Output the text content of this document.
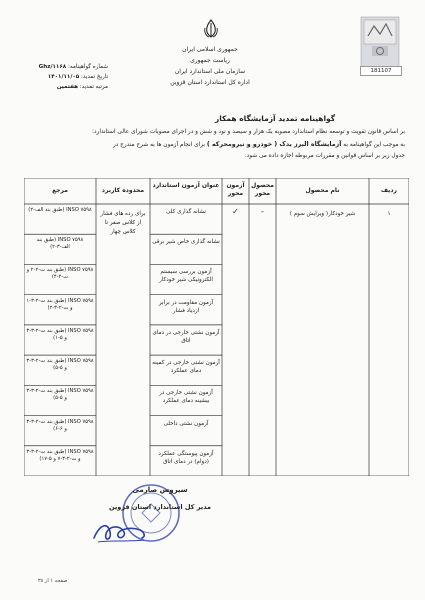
جمهوری اسلامی ایران
ریاست جمهوری
سازمان ملی استاندارد ایران
اداره کل استاندارد استان قزوین
181107
شماره گواهینامه: Ghz/۱۱۶۸
تاریخ تمدید: ۱۴۰۱/۱۱/۰۵
مرتبه تمدید: هفتمین
گواهینامه تمدید آزمایشگاه همکار
بر اساس قانون تقویت و توسعه نظام استاندارد مصوبه یک هزار و سیصد و نود و شش و در اجرای مصوبات شورای عالی استاندارد:
به موجب این گواهینامه به آزمایشگاه البرز یدک ( خودرو و نیرومحرکه ) برای انجام آزمون ها به شرح مندرج در
جدول زیر بر اساس قوانین و مقررات مربوطه اجازه داده می شود.
ردیف
نام محصول
محصول محور
آزمون محور
عنوان آزمون استاندارد
محدوده کاربرد
مرجع
۱
شیر خودکار( ویرایش سوم )
-
✓
برای رده های فشار از کلاس صفر تا کلاس چهار
نشانه گذاری کلی
INSO ۷۵۹۸ (طبق بند الف-۲)
نشانه گذاری خاص شیر برقی
INSO ۷۵۹۸ (طبق بند الف-۳-۲)
آزمون بررسی سیستم الکترونیکی شیر خودکار
INSO ۷۵۹۸ (طبق بند ت-۲-۲ و ت-۲-۴)
آزمون مقاومت در برابر ازدیاد فشار
INSO ۷۵۹۸ (طبق بند ت-۲-۳-۱ و ت-۲-۳-۲)
آزمون نشتی خارجی در دمای اتاق
INSO ۷۵۹۸ (طبق بند ت-۲-۳-۳ و ۵-۱)
آزمون نشتی خارجی در کمینه دمای عملکرد
INSO ۷۵۹۸ (طبق بند ت-۲-۳-۳ و ۵-۵)
آزمون نشتی خارجی در بیشینه دمای عملکرد
INSO ۷۵۹۸ (طبق بند ت-۲-۳-۳ و ۵-۵)
آزمون نشتی داخلی
INSO ۷۵۹۸ (طبق بند ت-۲-۳-۳ و ۶-۶)
آزمون پیوستگی عملکرد (دوام) در دمای اتاق
INSO ۷۵۹۸ (طبق بند ت-۲-۳-۳ و ت-۲-۳-۷ و ۵-۱۷)
سیروس صارمی
مدیر کل استاندارد استان قزوین
صفحه ۱ از ۳۸
